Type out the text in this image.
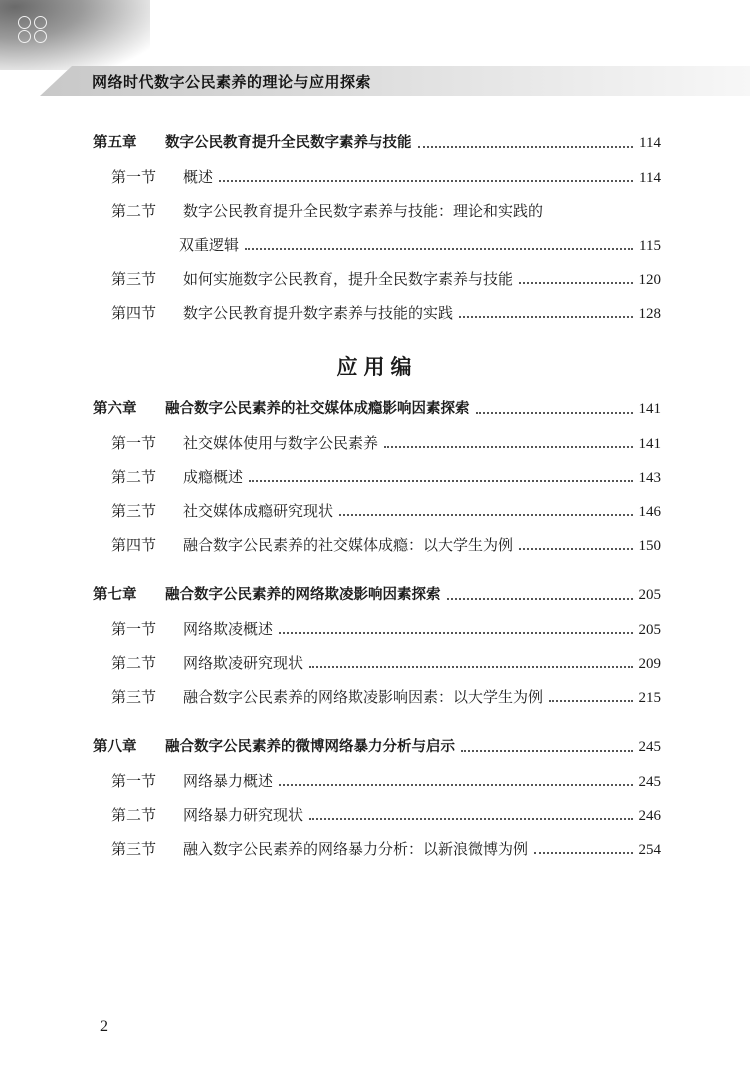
网络时代数字公民素养的理论与应用探索
第五章	数字公民教育提升全民数字素养与技能	114
第一节	概述	114
第二节	数字公民教育提升全民数字素养与技能：理论和实践的
双重逻辑	115
第三节	如何实施数字公民教育，提升全民数字素养与技能	120
第四节	数字公民教育提升数字素养与技能的实践	128
应用编
第六章	融合数字公民素养的社交媒体成瘾影响因素探索	141
第一节	社交媒体使用与数字公民素养	141
第二节	成瘾概述	143
第三节	社交媒体成瘾研究现状	146
第四节	融合数字公民素养的社交媒体成瘾：以大学生为例	150
第七章	融合数字公民素养的网络欺凌影响因素探索	205
第一节	网络欺凌概述	205
第二节	网络欺凌研究现状	209
第三节	融合数字公民素养的网络欺凌影响因素：以大学生为例	215
第八章	融合数字公民素养的微博网络暴力分析与启示	245
第一节	网络暴力概述	245
第二节	网络暴力研究现状	246
第三节	融入数字公民素养的网络暴力分析：以新浪微博为例	254
2
